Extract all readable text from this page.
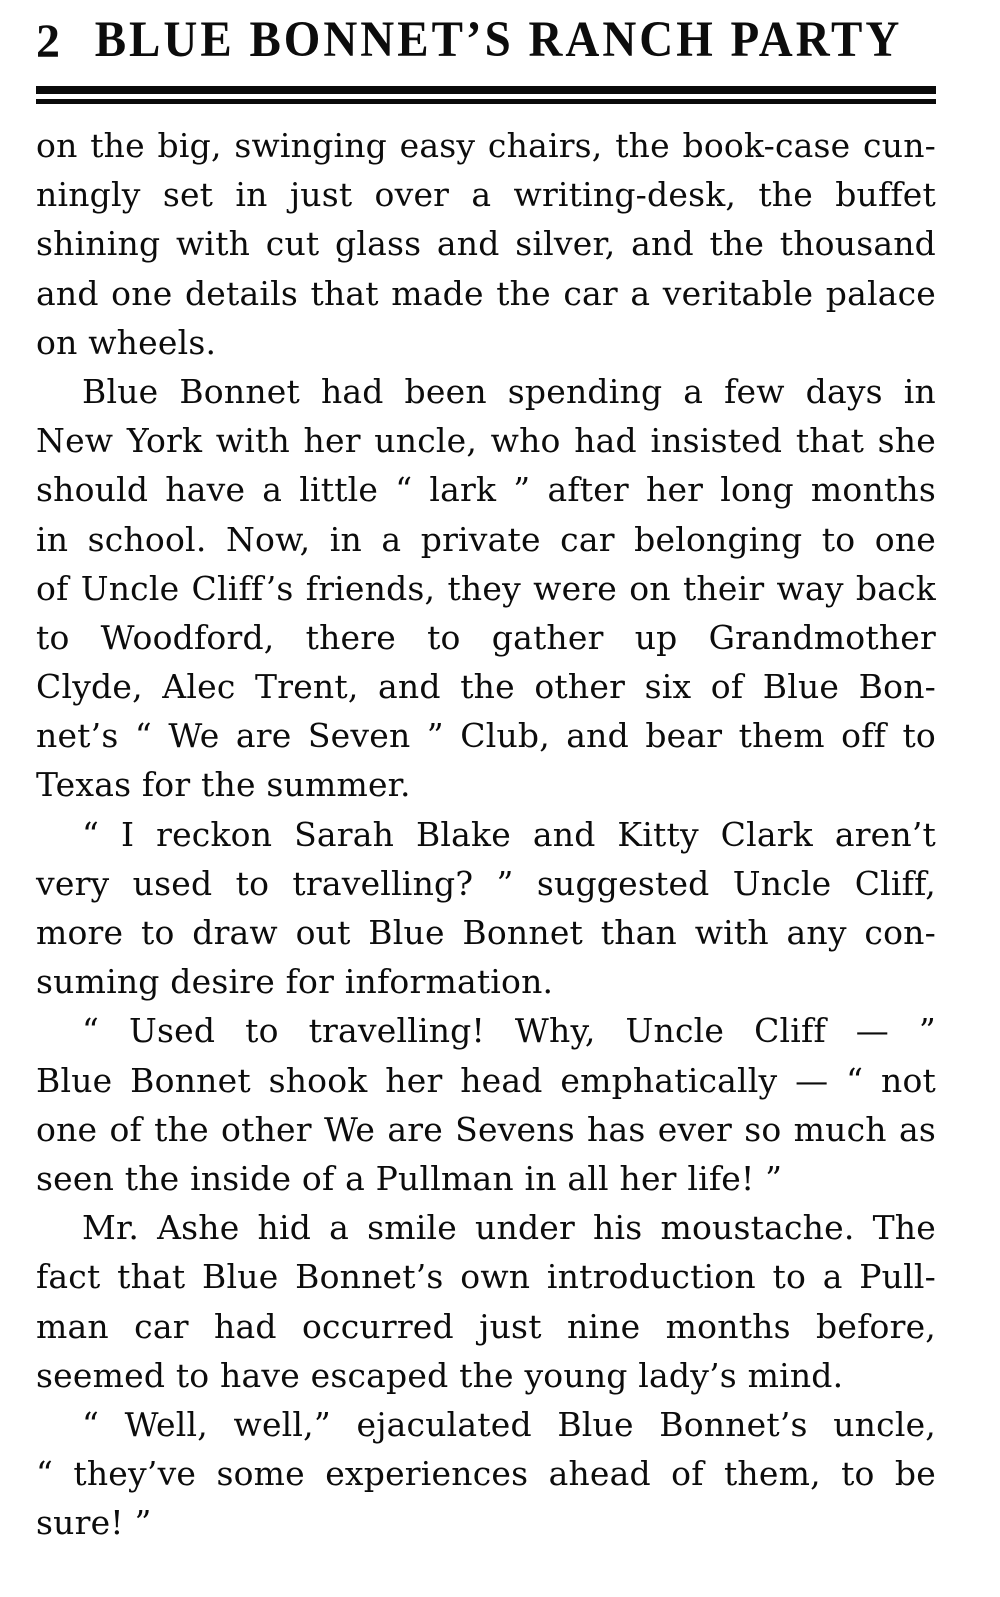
2 BLUE BONNET’S RANCH PARTY
on the big, swinging easy chairs, the book-case cun-
ningly set in just over a writing-desk, the buffet
shining with cut glass and silver, and the thousand
and one details that made the car a veritable palace
on wheels.
Blue Bonnet had been spending a few days in
New York with her uncle, who had insisted that she
should have a little “ lark ” after her long months
in school. Now, in a private car belonging to one
of Uncle Cliff’s friends, they were on their way back
to Woodford, there to gather up Grandmother
Clyde, Alec Trent, and the other six of Blue Bon-
net’s “ We are Seven ” Club, and bear them off to
Texas for the summer.
“ I reckon Sarah Blake and Kitty Clark aren’t
very used to travelling? ” suggested Uncle Cliff,
more to draw out Blue Bonnet than with any con-
suming desire for information.
“ Used to travelling! Why, Uncle Cliff — ”
Blue Bonnet shook her head emphatically — “ not
one of the other We are Sevens has ever so much as
seen the inside of a Pullman in all her life! ”
Mr. Ashe hid a smile under his moustache. The
fact that Blue Bonnet’s own introduction to a Pull-
man car had occurred just nine months before,
seemed to have escaped the young lady’s mind.
“ Well, well,” ejaculated Blue Bonnet’s uncle,
“ they’ve some experiences ahead of them, to be
sure! ”
